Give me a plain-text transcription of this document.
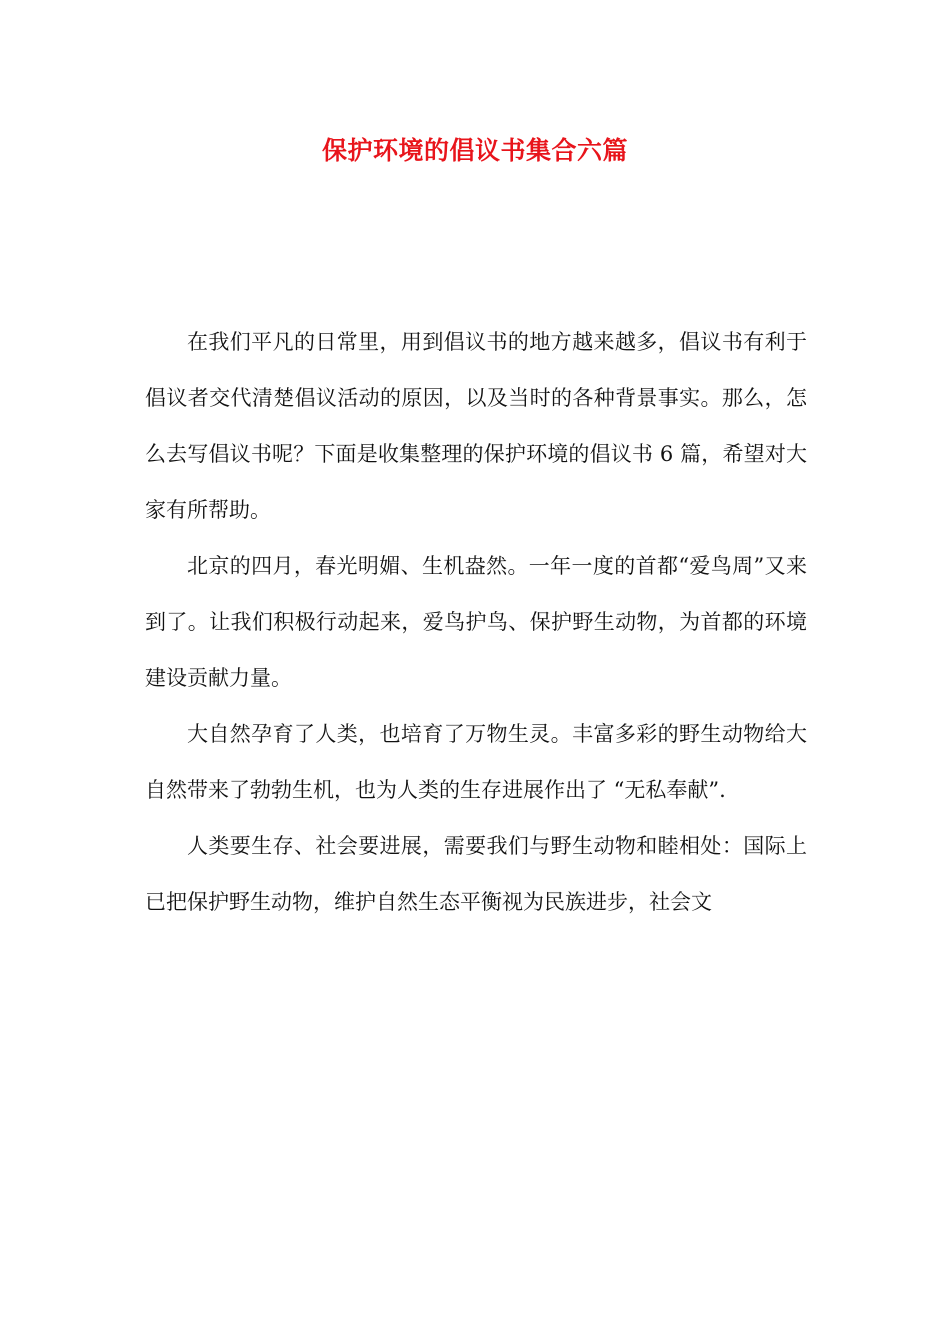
保护环境的倡议书集合六篇

在我们平凡的日常里，用到倡议书的地方越来越多，倡议书有利于倡议者交代清楚倡议活动的原因，以及当时的各种背景事实。那么，怎么去写倡议书呢？下面是收集整理的保护环境的倡议书 6 篇，希望对大家有所帮助。

北京的四月，春光明媚、生机盎然。一年一度的首都“爱鸟周”又来到了。让我们积极行动起来，爱鸟护鸟、保护野生动物，为首都的环境建设贡献力量。

大自然孕育了人类，也培育了万物生灵。丰富多彩的野生动物给大自然带来了勃勃生机，也为人类的生存进展作出了 “无私奉献”.

人类要生存、社会要进展，需要我们与野生动物和睦相处：国际上已把保护野生动物，维护自然生态平衡视为民族进步，社会文
